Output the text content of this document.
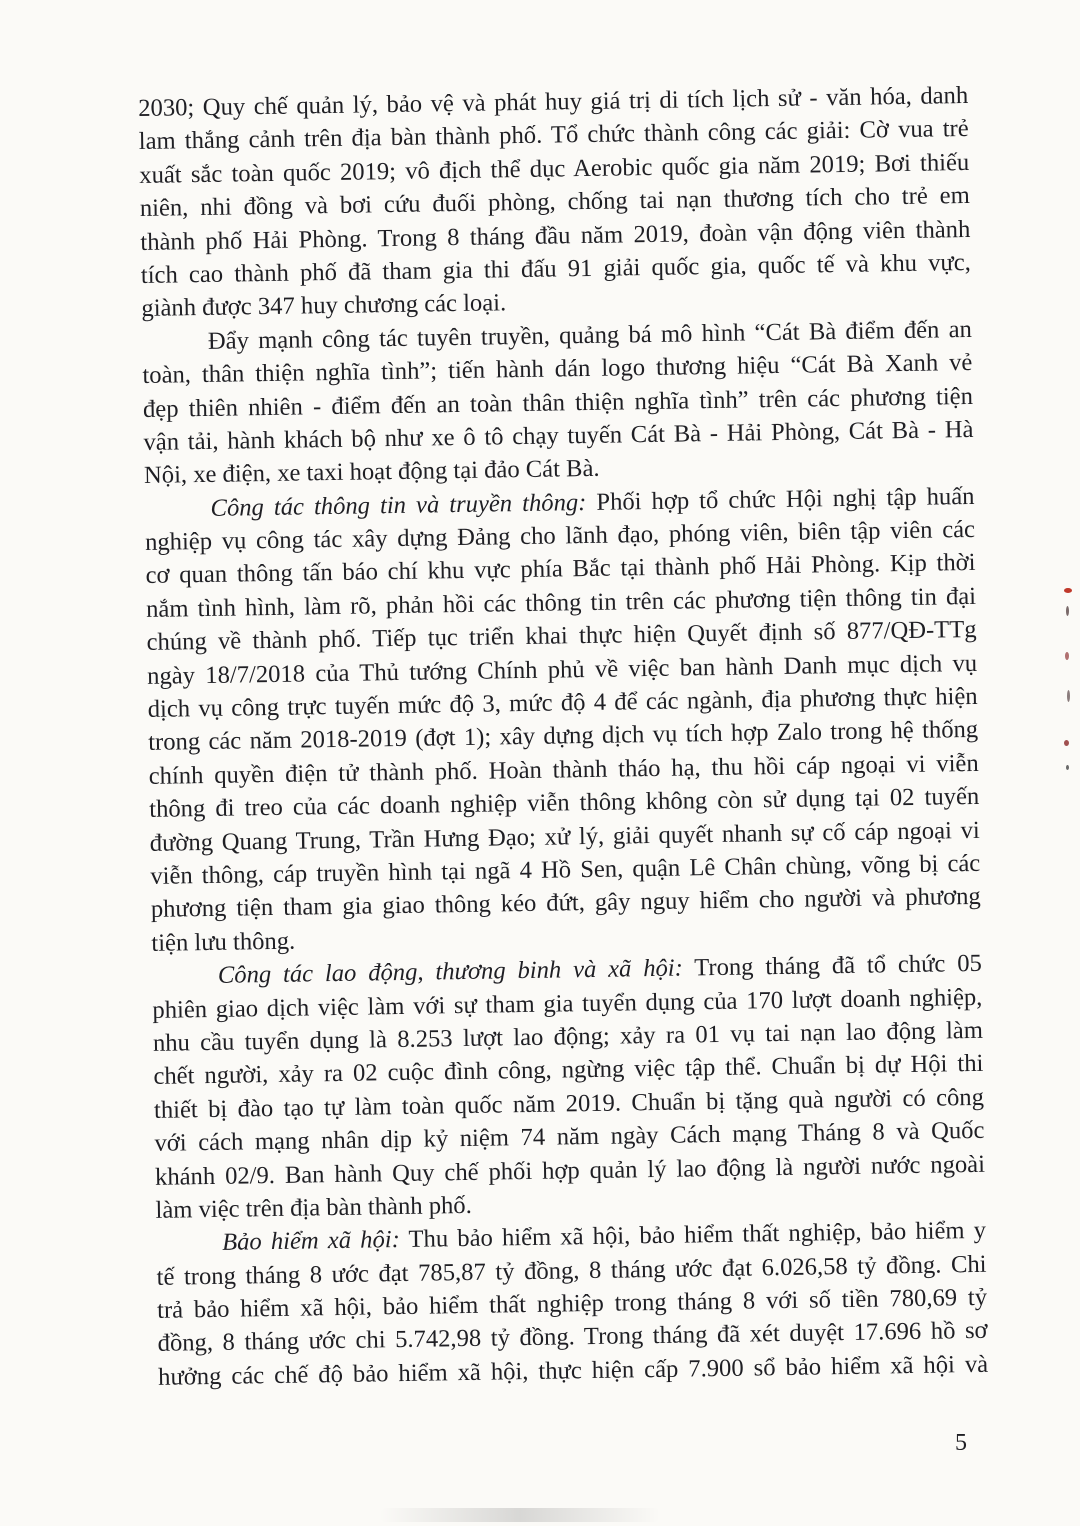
2030; Quy chế quản lý, bảo vệ và phát huy giá trị di tích lịch sử - văn hóa, danh
lam thắng cảnh trên địa bàn thành phố. Tổ chức thành công các giải: Cờ vua trẻ
xuất sắc toàn quốc 2019; vô địch thể dục Aerobic quốc gia năm 2019; Bơi thiếu
niên, nhi đồng và bơi cứu đuối phòng, chống tai nạn thương tích cho trẻ em
thành phố Hải Phòng. Trong 8 tháng đầu năm 2019, đoàn vận động viên thành
tích cao thành phố đã tham gia thi đấu 91 giải quốc gia, quốc tế và khu vực,
giành được 347 huy chương các loại.
Đẩy mạnh công tác tuyên truyền, quảng bá mô hình “Cát Bà điểm đến an
toàn, thân thiện nghĩa tình”; tiến hành dán logo thương hiệu “Cát Bà Xanh vẻ
đẹp thiên nhiên - điểm đến an toàn thân thiện nghĩa tình” trên các phương tiện
vận tải, hành khách bộ như xe ô tô chạy tuyến Cát Bà - Hải Phòng, Cát Bà - Hà
Nội, xe điện, xe taxi hoạt động tại đảo Cát Bà.
Công tác thông tin và truyền thông: Phối hợp tổ chức Hội nghị tập huấn
nghiệp vụ công tác xây dựng Đảng cho lãnh đạo, phóng viên, biên tập viên các
cơ quan thông tấn báo chí khu vực phía Bắc tại thành phố Hải Phòng. Kịp thời
nắm tình hình, làm rõ, phản hồi các thông tin trên các phương tiện thông tin đại
chúng về thành phố. Tiếp tục triển khai thực hiện Quyết định số 877/QĐ-TTg
ngày 18/7/2018 của Thủ tướng Chính phủ về việc ban hành Danh mục dịch vụ
dịch vụ công trực tuyến mức độ 3, mức độ 4 để các ngành, địa phương thực hiện
trong các năm 2018-2019 (đợt 1); xây dựng dịch vụ tích hợp Zalo trong hệ thống
chính quyền điện tử thành phố. Hoàn thành tháo hạ, thu hồi cáp ngoại vi viễn
thông đi treo của các doanh nghiệp viễn thông không còn sử dụng tại 02 tuyến
đường Quang Trung, Trần Hưng Đạo; xử lý, giải quyết nhanh sự cố cáp ngoại vi
viễn thông, cáp truyền hình tại ngã 4 Hồ Sen, quận Lê Chân chùng, võng bị các
phương tiện tham gia giao thông kéo đứt, gây nguy hiểm cho người và phương
tiện lưu thông.
Công tác lao động, thương binh và xã hội: Trong tháng đã tổ chức 05
phiên giao dịch việc làm với sự tham gia tuyển dụng của 170 lượt doanh nghiệp,
nhu cầu tuyển dụng là 8.253 lượt lao động; xảy ra 01 vụ tai nạn lao động làm
chết người, xảy ra 02 cuộc đình công, ngừng việc tập thể. Chuẩn bị dự Hội thi
thiết bị đào tạo tự làm toàn quốc năm 2019. Chuẩn bị tặng quà người có công
với cách mạng nhân dịp kỷ niệm 74 năm ngày Cách mạng Tháng 8 và Quốc
khánh 02/9. Ban hành Quy chế phối hợp quản lý lao động là người nước ngoài
làm việc trên địa bàn thành phố.
Bảo hiểm xã hội: Thu bảo hiểm xã hội, bảo hiểm thất nghiệp, bảo hiểm y
tế trong tháng 8 ước đạt 785,87 tỷ đồng, 8 tháng ước đạt 6.026,58 tỷ đồng. Chi
trả bảo hiểm xã hội, bảo hiểm thất nghiệp trong tháng 8 với số tiền 780,69 tỷ
đồng, 8 tháng ước chi 5.742,98 tỷ đồng. Trong tháng đã xét duyệt 17.696 hồ sơ
hưởng các chế độ bảo hiểm xã hội, thực hiện cấp 7.900 sổ bảo hiểm xã hội và
5
